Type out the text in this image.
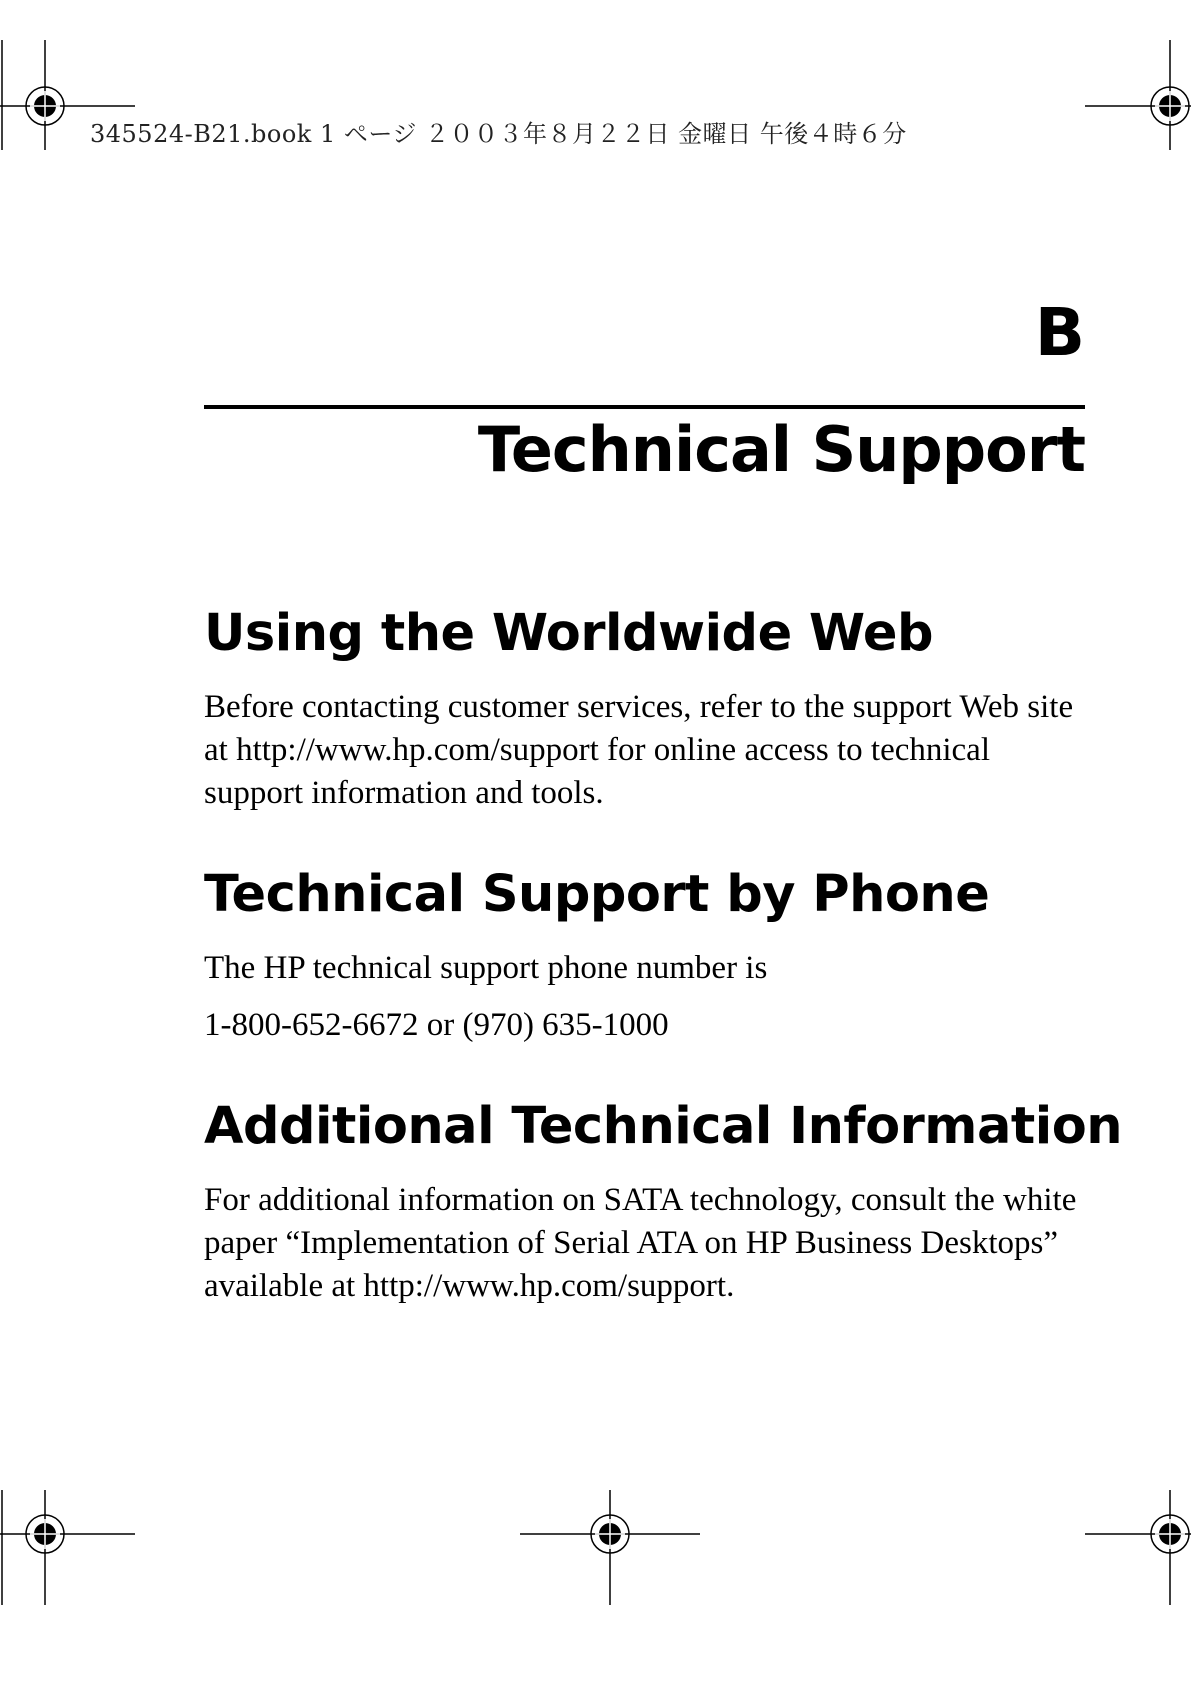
345524-B21.book 1 ページ ２００３年８月２２日 金曜日 午後４時６分
B
Technical Support
Using the Worldwide Web

Before contacting customer services, refer to the support Web site at http://www.hp.com/support for online access to technical support information and tools.

Technical Support by Phone

The HP technical support phone number is

1-800-652-6672 or (970) 635-1000

Additional Technical Information

For additional information on SATA technology, consult the white paper “Implementation of Serial ATA on HP Business Desktops” available at http://www.hp.com/support.
